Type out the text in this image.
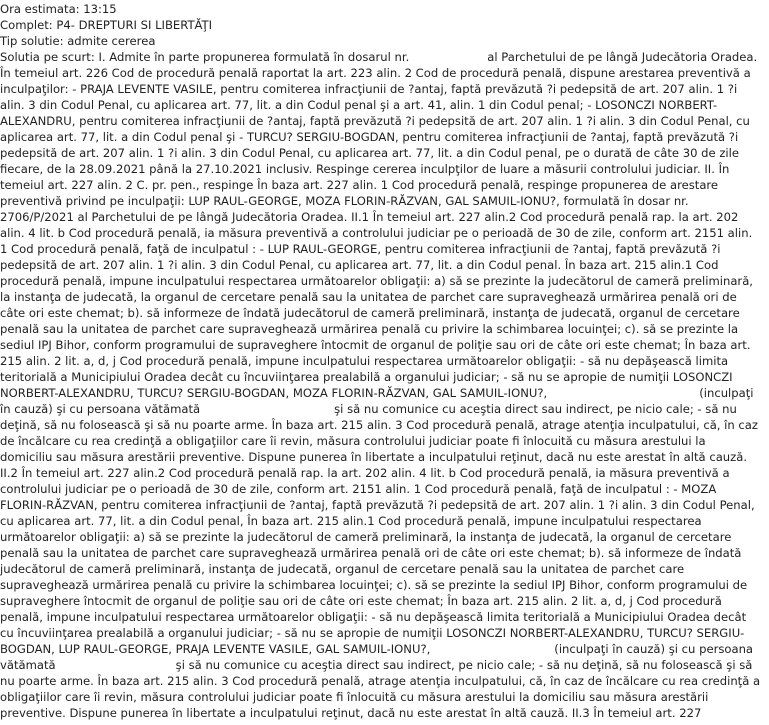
Ora estimata: 13:15
Complet: P4- DREPTURI SI LIBERTĂŢI
Tip solutie: admite cererea

Solutia pe scurt: I. Admite în parte propunerea formulată în dosarul nr.	al Parchetului de pe lângă Judecătoria Oradea. În temeiul art. 226 Cod de procedură penală raportat la art. 223 alin. 2 Cod de procedură penală, dispune arestarea preventivă a inculpaţilor: - PRAJA LEVENTE VASILE, pentru comiterea infracţiunii de ?antaj, faptă prevăzută ?i pedepsită de art. 207 alin. 1 ?i alin. 3 din Codul Penal, cu aplicarea art. 77, lit. a din Codul penal şi a art. 41, alin. 1 din Codul penal; - LOSONCZI NORBERT-ALEXANDRU, pentru comiterea infracţiunii de ?antaj, faptă prevăzută ?i pedepsită de art. 207 alin. 1 ?i alin. 3 din Codul Penal, cu aplicarea art. 77, lit. a din Codul penal şi - TURCU? SERGIU-BOGDAN, pentru comiterea infracţiunii de ?antaj, faptă prevăzută ?i pedepsită de art. 207 alin. 1 ?i alin. 3 din Codul Penal, cu aplicarea art. 77, lit. a din Codul penal, pe o durată de câte 30 de zile fiecare, de la 28.09.2021 până la 27.10.2021 inclusiv. Respinge cererea inculpţilor de luare a măsurii controlului judiciar. II. În temeiul art. 227 alin. 2 C. pr. pen., respinge În baza art. 227 alin. 1 Cod procedură penală, respinge propunerea de arestare preventivă privind pe inculpaţii: LUP RAUL-GEORGE, MOZA FLORIN-RĂZVAN, GAL SAMUIL-IONU?, formulată în dosar nr. 2706/P/2021 al Parchetului de pe lângă Judecătoria Oradea. II.1 În temeiul art. 227 alin.2 Cod procedură penală rap. la art. 202 alin. 4 lit. b Cod procedură penală, ia măsura preventivă a controlului judiciar pe o perioadă de 30 de zile, conform art. 2151 alin. 1 Cod procedură penală, faţă de inculpatul : - LUP RAUL-GEORGE, pentru comiterea infracţiunii de ?antaj, faptă prevăzută ?i pedepsită de art. 207 alin. 1 ?i alin. 3 din Codul Penal, cu aplicarea art. 77, lit. a din Codul penal. În baza art. 215 alin.1 Cod procedură penală, impune inculpatului respectarea următoarelor obligaţii: a) să se prezinte la judecătorul de cameră preliminară, la instanţa de judecată, la organul de cercetare penală sau la unitatea de parchet care supraveghează urmărirea penală ori de câte ori este chemat; b). să informeze de îndată judecătorul de cameră preliminară, instanţa de judecată, organul de cercetare penală sau la unitatea de parchet care supraveghează urmărirea penală cu privire la schimbarea locuinţei; c). să se prezinte la sediul IPJ Bihor, conform programului de supraveghere întocmit de organul de poliţie sau ori de câte ori este chemat; În baza art. 215 alin. 2 lit. a, d, j Cod procedură penală, impune inculpatului respectarea următoarelor obligaţii: - să nu depăşească limita teritorială a Municipiului Oradea decât cu încuviinţarea prealabilă a organului judiciar; - să nu se apropie de numiţii LOSONCZI NORBERT-ALEXANDRU, TURCU? SERGIU-BOGDAN, MOZA FLORIN-RĂZVAN, GAL SAMUIL-IONU?,	(inculpaţi în cauză) şi cu persoana vătămată	şi să nu comunice cu aceştia direct sau indirect, pe nicio cale; - să nu deţină, să nu folosească şi să nu poarte arme. În baza art. 215 alin. 3 Cod procedură penală, atrage atenţia inculpatului, că, în caz de încălcare cu rea credinţă a obligaţiilor care îi revin, măsura controlului judiciar poate fi înlocuită cu măsura arestului la domiciliu sau măsura arestării preventive. Dispune punerea în libertate a inculpatului reţinut, dacă nu este arestat în altă cauză. II.2 În temeiul art. 227 alin.2 Cod procedură penală rap. la art. 202 alin. 4 lit. b Cod procedură penală, ia măsura preventivă a controlului judiciar pe o perioadă de 30 de zile, conform art. 2151 alin. 1 Cod procedură penală, faţă de inculpatul : - MOZA FLORIN-RĂZVAN, pentru comiterea infracţiunii de ?antaj, faptă prevăzută ?i pedepsită de art. 207 alin. 1 ?i alin. 3 din Codul Penal, cu aplicarea art. 77, lit. a din Codul penal, În baza art. 215 alin.1 Cod procedură penală, impune inculpatului respectarea următoarelor obligaţii: a) să se prezinte la judecătorul de cameră preliminară, la instanţa de judecată, la organul de cercetare penală sau la unitatea de parchet care supraveghează urmărirea penală ori de câte ori este chemat; b). să informeze de îndată judecătorul de cameră preliminară, instanţa de judecată, organul de cercetare penală sau la unitatea de parchet care supraveghează urmărirea penală cu privire la schimbarea locuinţei; c). să se prezinte la sediul IPJ Bihor, conform programului de supraveghere întocmit de organul de poliţie sau ori de câte ori este chemat; În baza art. 215 alin. 2 lit. a, d, j Cod procedură penală, impune inculpatului respectarea următoarelor obligaţii: - să nu depăşească limita teritorială a Municipiului Oradea decât cu încuviinţarea prealabilă a organului judiciar; - să nu se apropie de numiţii LOSONCZI NORBERT-ALEXANDRU, TURCU? SERGIU-BOGDAN, LUP RAUL-GEORGE, PRAJA LEVENTE VASILE, GAL SAMUIL-IONU?,	(inculpaţi în cauză) şi cu persoana vătămată	şi să nu comunice cu aceştia direct sau indirect, pe nicio cale; - să nu deţină, să nu folosească şi să nu poarte arme. În baza art. 215 alin. 3 Cod procedură penală, atrage atenţia inculpatului, că, în caz de încălcare cu rea credinţă a obligaţiilor care îi revin, măsura controlului judiciar poate fi înlocuită cu măsura arestului la domiciliu sau măsura arestării preventive. Dispune punerea în libertate a inculpatului reţinut, dacă nu este arestat în altă cauză. II.3 În temeiul art. 227
